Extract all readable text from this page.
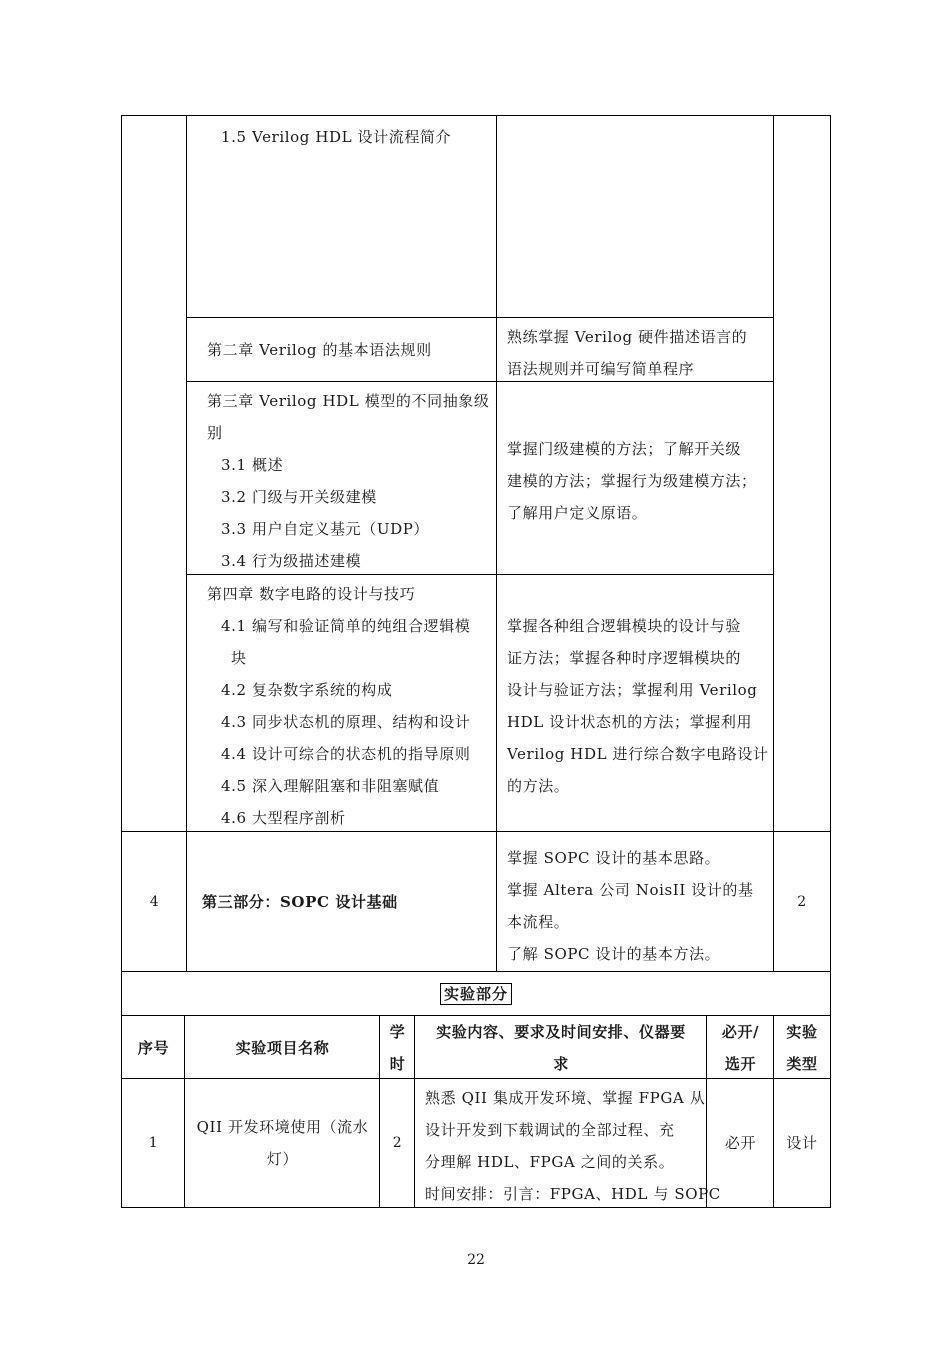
1.5 Verilog HDL 设计流程简介
第二章 Verilog 的基本语法规则
熟练掌握 Verilog 硬件描述语言的
语法规则并可编写简单程序
第三章 Verilog HDL 模型的不同抽象级
别
3.1 概述
3.2 门级与开关级建模
3.3 用户自定义基元（UDP）
3.4 行为级描述建模
掌握门级建模的方法；了解开关级
建模的方法；掌握行为级建模方法；
了解用户定义原语。
第四章 数字电路的设计与技巧
4.1 编写和验证简单的纯组合逻辑模
块
4.2 复杂数字系统的构成
4.3 同步状态机的原理、结构和设计
4.4 设计可综合的状态机的指导原则
4.5 深入理解阻塞和非阻塞赋值
4.6 大型程序剖析
掌握各种组合逻辑模块的设计与验
证方法；掌握各种时序逻辑模块的
设计与验证方法；掌握利用 Verilog
HDL 设计状态机的方法；掌握利用
Verilog HDL 进行综合数字电路设计
的方法。
4	第三部分：SOPC 设计基础
掌握 SOPC 设计的基本思路。
掌握 Altera 公司 NoisII 设计的基
本流程。
了解 SOPC 设计的基本方法。
2
实验部分
序号	实验项目名称
学
时
实验内容、要求及时间安排、仪器要
求
必开/
选开
实验
类型
1
QII 开发环境使用（流水
灯）
2
熟悉 QII 集成开发环境、掌握 FPGA 从
设计开发到下载调试的全部过程、充
分理解 HDL、FPGA 之间的关系。
时间安排：引言：FPGA、HDL 与 SOPC
必开 设计
22
